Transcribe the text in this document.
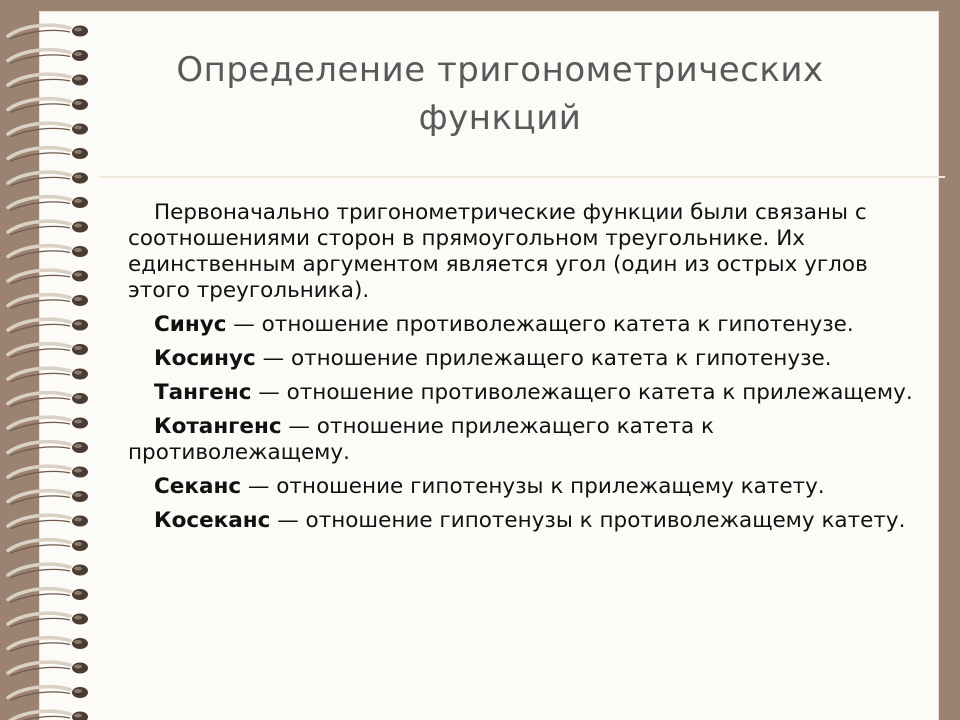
Определение тригонометрических
функций

Первоначально тригонометрические функции были связаны с соотношениями сторон в прямоугольном треугольнике. Их единственным аргументом является угол (один из острых углов этого треугольника).

Синус — отношение противолежащего катета к гипотенузе.

Косинус — отношение прилежащего катета к гипотенузе.

Тангенс — отношение противолежащего катета к прилежащему.

Котангенс — отношение прилежащего катета к противолежащему.

Секанс — отношение гипотенузы к прилежащему катету.

Косеканс — отношение гипотенузы к противолежащему катету.
